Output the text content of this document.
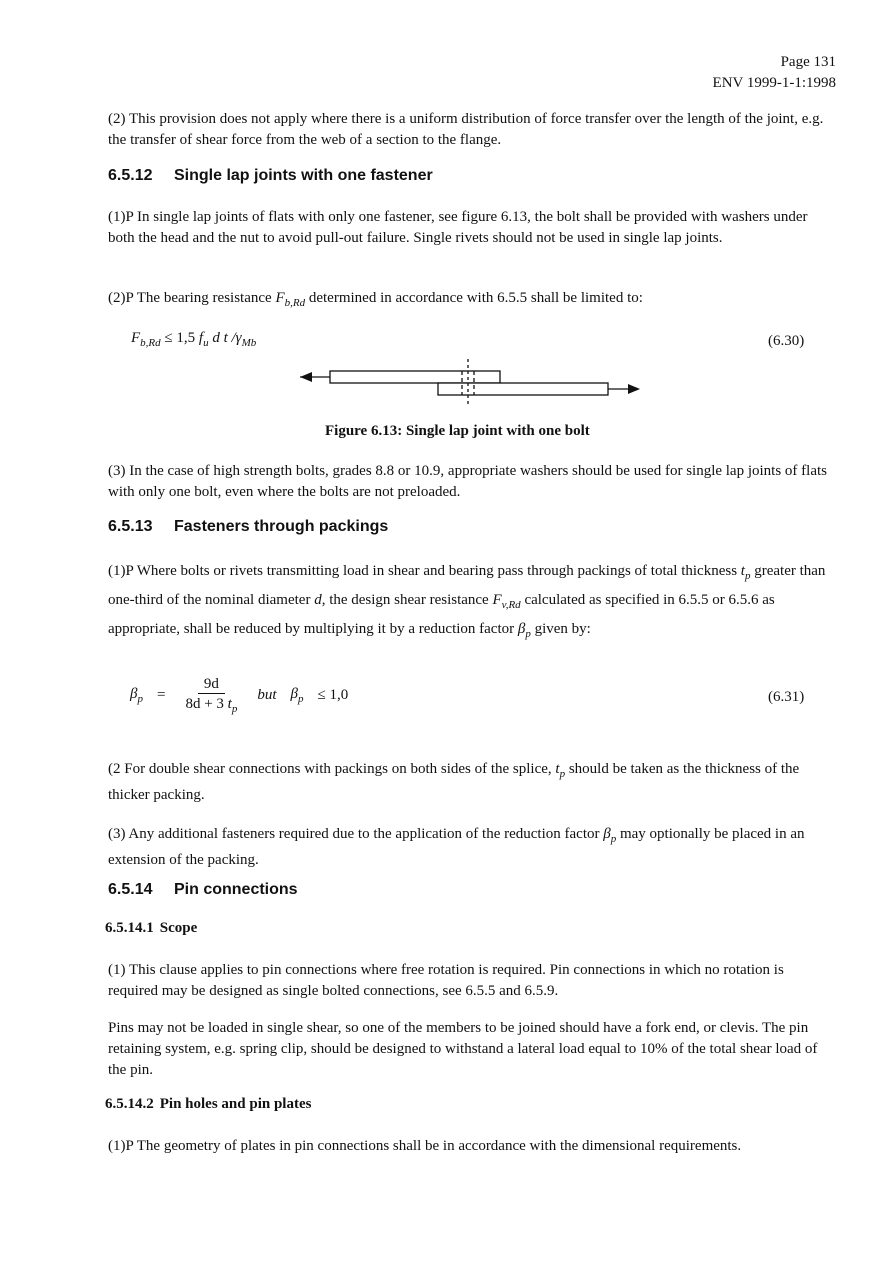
Page 131
ENV 1999-1-1:1998
(2) This provision does not apply where there is a uniform distribution of force transfer over the length of the joint, e.g. the transfer of shear force from the web of a section to the flange.
6.5.12 Single lap joints with one fastener
(1)P In single lap joints of flats with only one fastener, see figure 6.13, the bolt shall be provided with washers under both the head and the nut to avoid pull-out failure. Single rivets should not be used in single lap joints.
(2)P The bearing resistance $F_{b,Rd}$ determined in accordance with 6.5.5 shall be limited to:
$F_{b,Rd} \le 1,5$ $f_u$ d t $/\gamma_{Mb}$	(6.30)
Figure 6.13: Single lap joint with one bolt
(3) In the case of high strength bolts, grades 8.8 or 10.9, appropriate washers should be used for single lap joints of flats with only one bolt, even where the bolts are not preloaded.
6.5.13 Fasteners through packings
(1)P Where bolts or rivets transmitting load in shear and bearing pass through packings of total thickness $t_p$ greater than one-third of the nominal diameter d, the design shear resistance $F_{v,Rd}$ calculated as specified in 6.5.5 or 6.5.6 as appropriate, shall be reduced by multiplying it by a reduction factor $\beta_p$ given by:
$\beta_p = \frac{9d}{8d + 3 t_p}$ but $\beta_p \le 1,0$	(6.31)
(2 For double shear connections with packings on both sides of the splice, $t_p$ should be taken as the thickness of the thicker packing.
(3) Any additional fasteners required due to the application of the reduction factor $\beta_p$ may optionally be placed in an extension of the packing.
6.5.14 Pin connections
6.5.14.1 Scope
(1) This clause applies to pin connections where free rotation is required. Pin connections in which no rotation is required may be designed as single bolted connections, see 6.5.5 and 6.5.9.
Pins may not be loaded in single shear, so one of the members to be joined should have a fork end, or clevis. The pin retaining system, e.g. spring clip, should be designed to withstand a lateral load equal to 10% of the total shear load of the pin.
6.5.14.2 Pin holes and pin plates
(1)P The geometry of plates in pin connections shall be in accordance with the dimensional requirements.
